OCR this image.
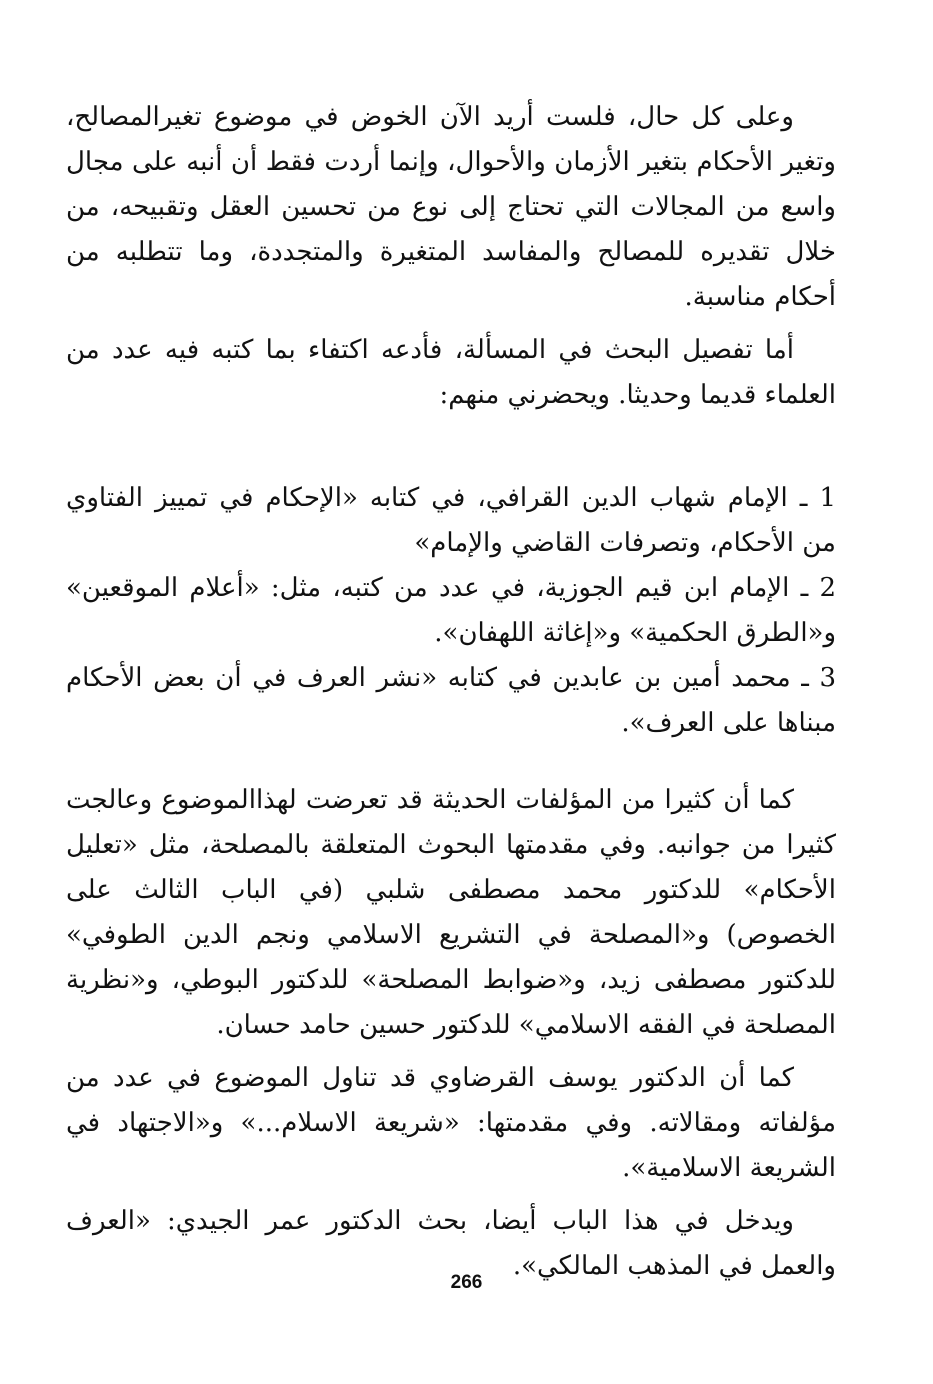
وعلى كل حال، فلست أريد الآن الخوض في موضوع تغيرالمصالح، وتغير الأحكام بتغير الأزمان والأحوال، وإنما أردت فقط أن أنبه على مجال واسع من المجالات التي تحتاج إلى نوع من تحسين العقل وتقبيحه، من خلال تقديره للمصالح والمفاسد المتغيرة والمتجددة، وما تتطلبه من أحكام مناسبة.

أما تفصيل البحث في المسألة، فأدعه اكتفاء بما كتبه فيه عدد من العلماء قديما وحديثا. ويحضرني منهم:

1 ـ الإمام شهاب الدين القرافي، في كتابه «الإحكام في تمييز الفتاوي من الأحكام، وتصرفات القاضي والإمام»

2 ـ الإمام ابن قيم الجوزية، في عدد من كتبه، مثل: «أعلام الموقعين» و«الطرق الحكمية» و«إغاثة اللهفان».

3 ـ محمد أمين بن عابدين في كتابه «نشر العرف في أن بعض الأحكام مبناها على العرف».

كما أن كثيرا من المؤلفات الحديثة قد تعرضت لهذاالموضوع وعالجت كثيرا من جوانبه. وفي مقدمتها البحوث المتعلقة بالمصلحة، مثل «تعليل الأحكام» للدكتور محمد مصطفى شلبي (في الباب الثالث على الخصوص) و«المصلحة في التشريع الاسلامي ونجم الدين الطوفي» للدكتور مصطفى زيد، و«ضوابط المصلحة» للدكتور البوطي، و«نظرية المصلحة في الفقه الاسلامي» للدكتور حسين حامد حسان.

كما أن الدكتور يوسف القرضاوي قد تناول الموضوع في عدد من مؤلفاته ومقالاته. وفي مقدمتها: «شريعة الاسلام...» و«الاجتهاد في الشريعة الاسلامية».

ويدخل في هذا الباب أيضا، بحث الدكتور عمر الجيدي: «العرف والعمل في المذهب المالكي».

266
